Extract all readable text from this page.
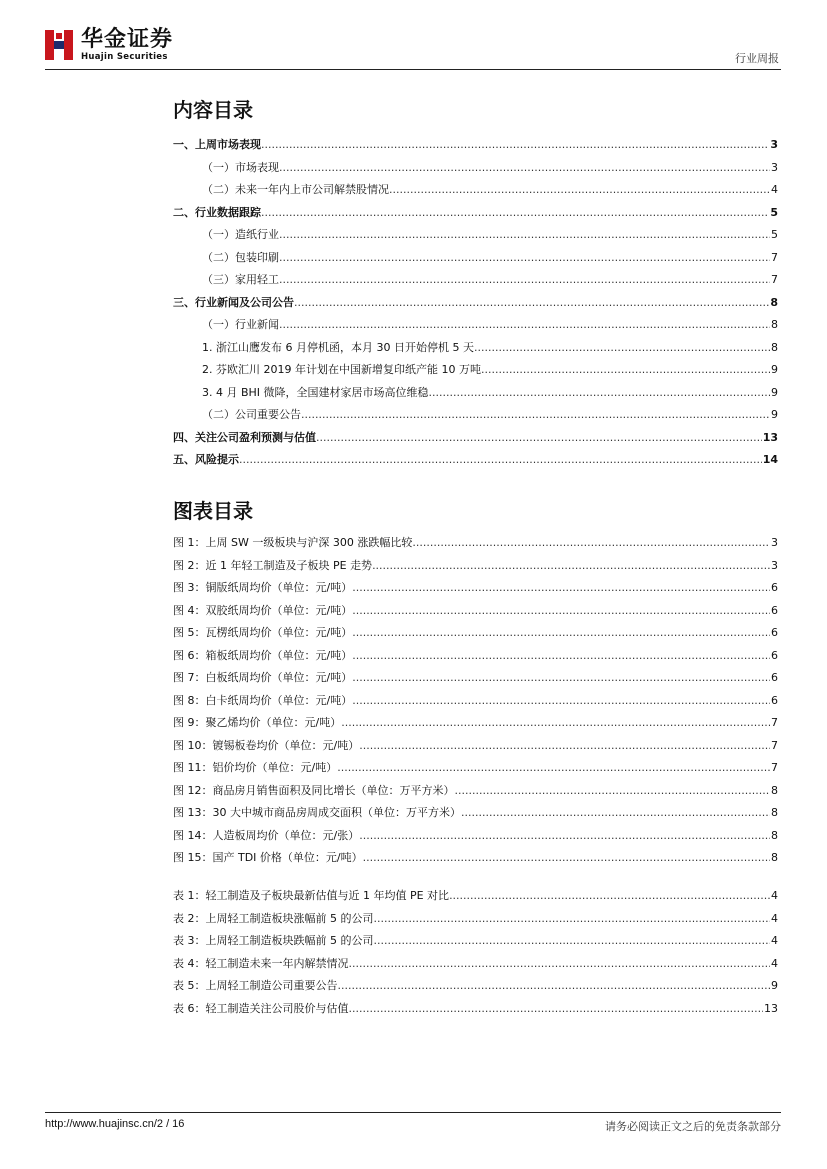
华金证券
Huajin Securities	行业周报
内容目录
一、上周市场表现 .....	3
（一）市场表现 .....	3
（二）未来一年内上市公司解禁股情况 .....	4
二、行业数据跟踪 .....	5
（一）造纸行业 .....	5
（二）包装印刷 .....	7
（三）家用轻工 .....	7
三、行业新闻及公司公告 .....	8
（一）行业新闻 .....	8
1. 浙江山鹰发布 6 月停机函，本月 30 日开始停机 5 天 .....	8
2. 芬欧汇川 2019 年计划在中国新增复印纸产能 10 万吨 .....	9
3. 4 月 BHI 微降，全国建材家居市场高位维稳 .....	9
（二）公司重要公告 .....	9
四、关注公司盈利预测与估值 .....	13
五、风险提示 .....	14
图表目录
图 1：上周 SW 一级板块与沪深 300 涨跌幅比较 .....	3
图 2：近 1 年轻工制造及子板块 PE 走势 .....	3
图 3：铜版纸周均价（单位：元/吨） .....	6
图 4：双胶纸周均价（单位：元/吨） .....	6
图 5：瓦楞纸周均价（单位：元/吨） .....	6
图 6：箱板纸周均价（单位：元/吨） .....	6
图 7：白板纸周均价（单位：元/吨） .....	6
图 8：白卡纸周均价（单位：元/吨） .....	6
图 9：聚乙烯均价（单位：元/吨） .....	7
图 10：镀锡板卷均价（单位：元/吨） .....	7
图 11：铝价均价（单位：元/吨） .....	7
图 12：商品房月销售面积及同比增长（单位：万平方米） .....	8
图 13：30 大中城市商品房周成交面积（单位：万平方米） .....	8
图 14：人造板周均价（单位：元/张） .....	8
图 15：国产 TDI 价格（单位：元/吨） .....	8
表 1：轻工制造及子板块最新估值与近 1 年均值 PE 对比 .....	4
表 2：上周轻工制造板块涨幅前 5 的公司 .....	4
表 3：上周轻工制造板块跌幅前 5 的公司 .....	4
表 4：轻工制造未来一年内解禁情况 .....	4
表 5：上周轻工制造公司重要公告 .....	9
表 6：轻工制造关注公司股价与估值 .....	13
http://www.huajinsc.cn/2 / 16	请务必阅读正文之后的免责条款部分
